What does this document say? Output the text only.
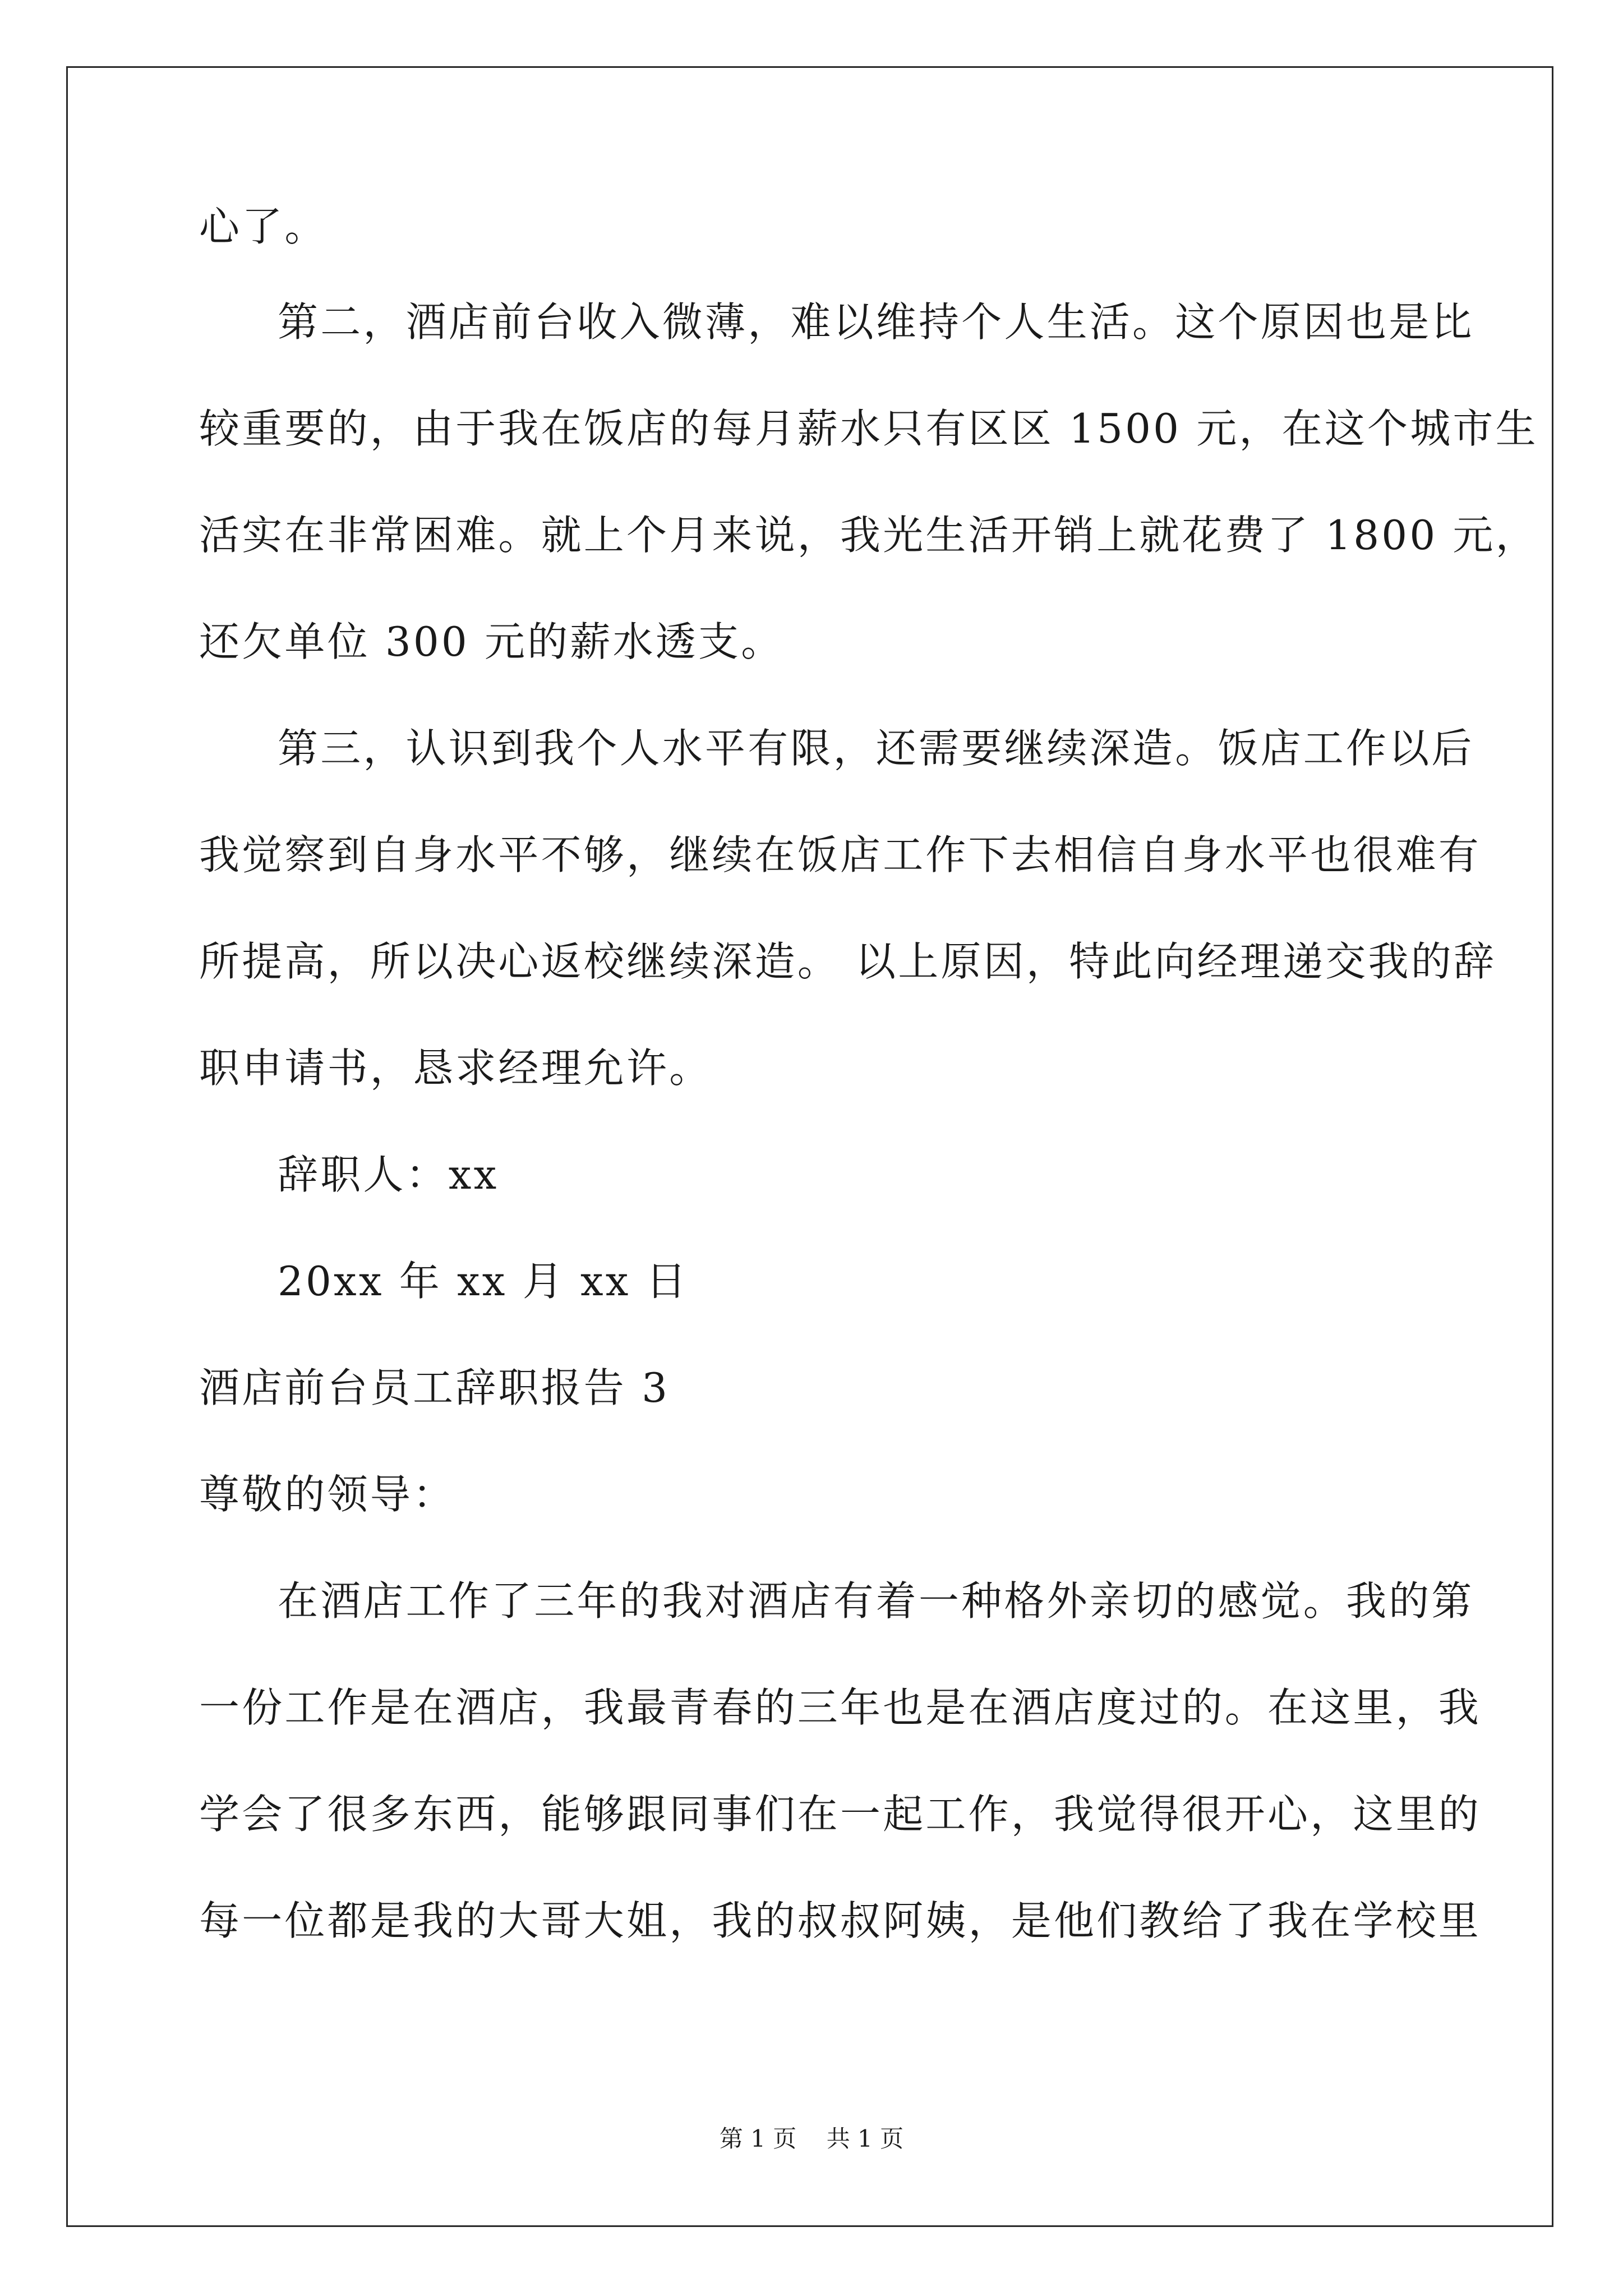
心了。
第二，酒店前台收入微薄，难以维持个人生活。这个原因也是比
较重要的，由于我在饭店的每月薪水只有区区 1500 元，在这个城市生
活实在非常困难。就上个月来说，我光生活开销上就花费了 1800 元，
还欠单位 300 元的薪水透支。
第三，认识到我个人水平有限，还需要继续深造。饭店工作以后
我觉察到自身水平不够，继续在饭店工作下去相信自身水平也很难有
所提高，所以决心返校继续深造。 以上原因，特此向经理递交我的辞
职申请书，恳求经理允许。
辞职人：xx
20xx 年 xx 月 xx 日
酒店前台员工辞职报告 3
尊敬的领导：
在酒店工作了三年的我对酒店有着一种格外亲切的感觉。我的第
一份工作是在酒店，我最青春的三年也是在酒店度过的。在这里，我
学会了很多东西，能够跟同事们在一起工作，我觉得很开心，这里的
每一位都是我的大哥大姐，我的叔叔阿姨，是他们教给了我在学校里
第 1 页    共 1 页
